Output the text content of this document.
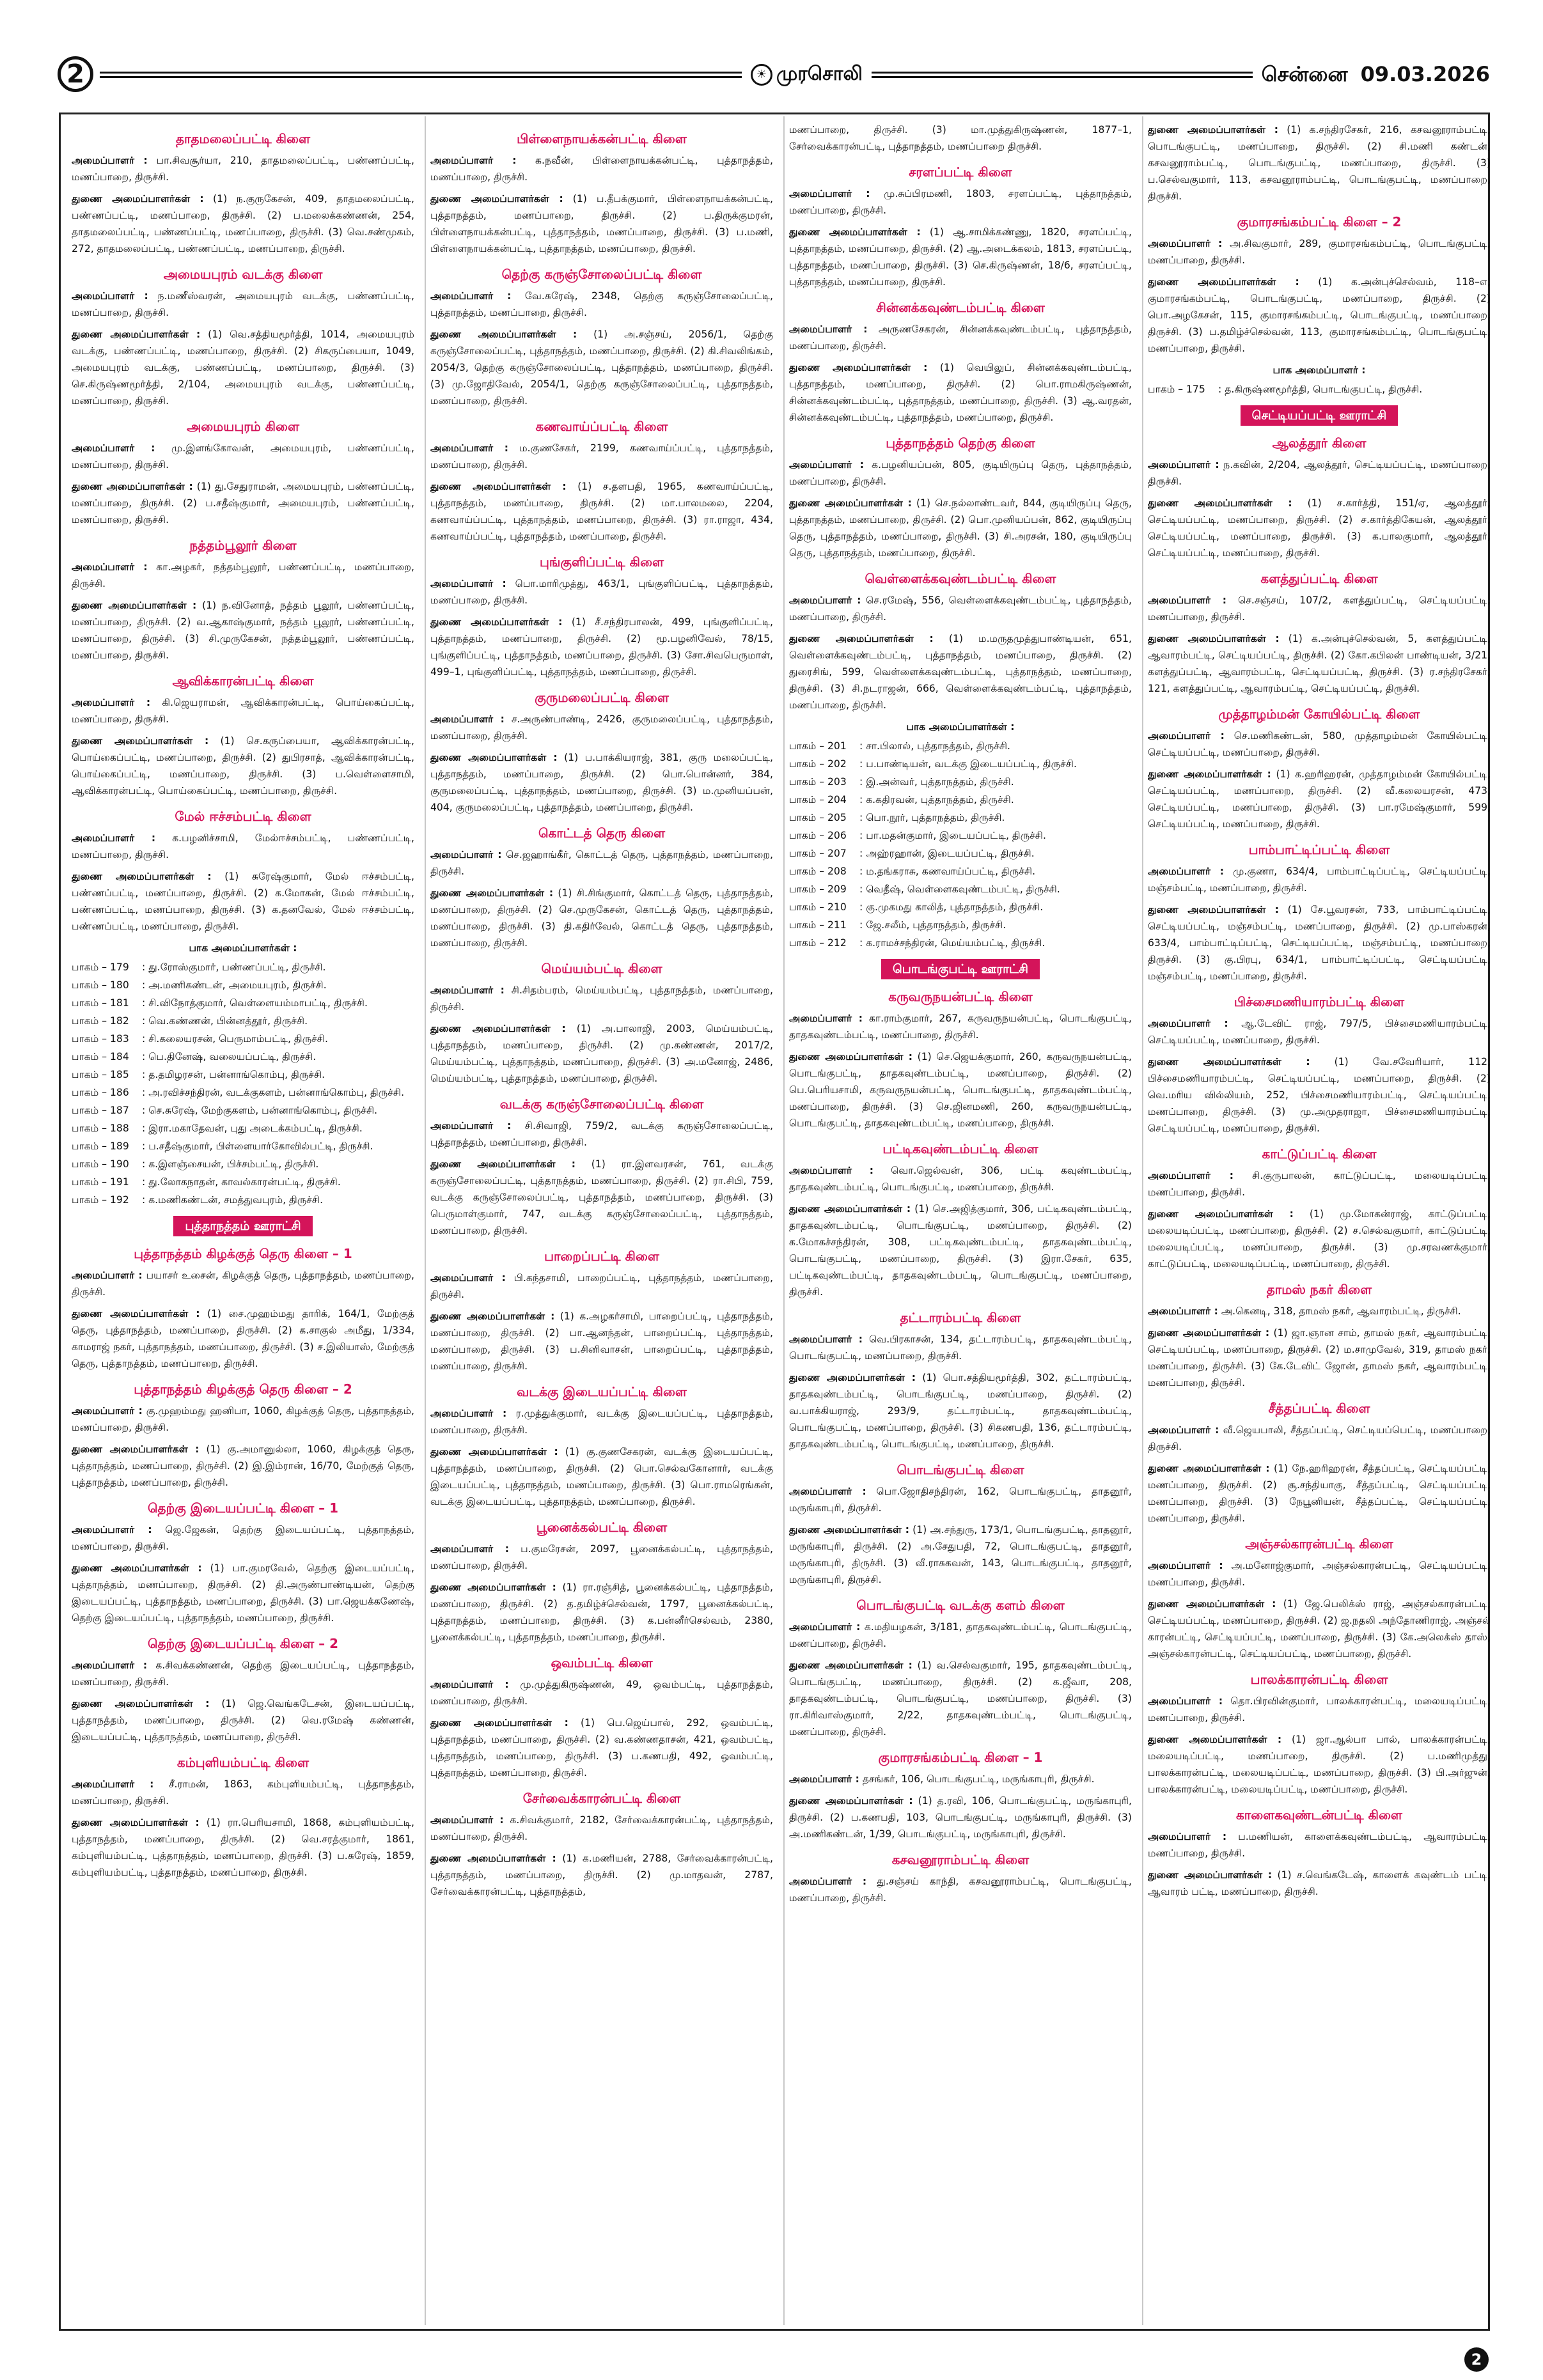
2	☀ முரசொலி	சென்னை 09.03.2026
தாதமலைப்பட்டி கிளை

அமைப்பாளர் : பா.சிவசூர்யா, 210, தாதமலைப்பட்டி, பண்ணப்பட்டி, மணப்பாறை, திருச்சி.

துணை அமைப்பாளர்கள் : (1) ந.குருகேசன், 409, தாதமலைப்பட்டி, பண்ணப்பட்டி, மணப்பாறை, திருச்சி. (2) ப.மலைக்கண்ணன், 254, தாதமலைப்பட்டி, பண்ணப்பட்டி, மணப்பாறை, திருச்சி. (3) வெ.சண்முகம், 272, தாதமலைப்பட்டி, பண்ணப்பட்டி, மணப்பாறை, திருச்சி.

அமையபுரம் வடக்கு கிளை

அமைப்பாளர் : ந.மணீஸ்வரன், அமையபுரம் வடக்கு, பண்ணப்பட்டி, மணப்பாறை, திருச்சி.

துணை அமைப்பாளர்கள் : (1) வெ.சத்தியமூர்த்தி, 1014, அமையபுரம் வடக்கு, பண்ணப்பட்டி, மணப்பாறை, திருச்சி. (2) சிகருப்பையா, 1049, அமையபுரம் வடக்கு, பண்ணப்பட்டி, மணப்பாறை, திருச்சி. (3) செ.கிருஷ்ணமூர்த்தி, 2/104, அமையபுரம் வடக்கு, பண்ணப்பட்டி, மணப்பாறை, திருச்சி.

அமையபுரம் கிளை

அமைப்பாளர் : மு.இளங்கோவன், அமையபுரம், பண்ணப்பட்டி, மணப்பாறை, திருச்சி.

துணை அமைப்பாளர்கள் : (1) து.சேதுராமன், அமையபுரம், பண்ணப்பட்டி, மணப்பாறை, திருச்சி. (2) ப.சதீஷ்குமார், அமையபுரம், பண்ணப்பட்டி, மணப்பாறை, திருச்சி.

நத்தம்பூலூர் கிளை

அமைப்பாளர் : கா.அழகர், நத்தம்பூலூர், பண்ணப்பட்டி, மணப்பாறை, திருச்சி.

துணை அமைப்பாளர்கள் : (1) ந.வினோத், நத்தம் பூலூர், பண்ணப்பட்டி, மணப்பாறை, திருச்சி. (2) வ.ஆகாஷ்குமார், நத்தம் பூலூர், பண்ணப்பட்டி, மணப்பாறை, திருச்சி. (3) சி.முருகேசன், நத்தம்பூலூர், பண்ணப்பட்டி, மணப்பாறை, திருச்சி.

ஆவிக்காரன்பட்டி கிளை

அமைப்பாளர் : கி.ஜெயராமன், ஆவிக்காரன்பட்டி, பொய்கைப்பட்டி, மணப்பாறை, திருச்சி.

துணை அமைப்பாளர்கள் : (1) செ.கருப்பையா, ஆவிக்காரன்பட்டி, பொய்கைப்பட்டி, மணப்பாறை, திருச்சி. (2) துபிரசாத், ஆவிக்காரன்பட்டி, பொய்கைப்பட்டி, மணப்பாறை, திருச்சி. (3) ப.வெள்ளைசாமி, ஆவிக்காரன்பட்டி, பொய்கைப்பட்டி, மணப்பாறை, திருச்சி.

மேல் ஈச்சம்பட்டி கிளை

அமைப்பாளர் : க.பழனிச்சாமி, மேல்ஈச்சம்பட்டி, பண்ணப்பட்டி, மணப்பாறை, திருச்சி.

துணை அமைப்பாளர்கள் : (1) சுரேஷ்குமார், மேல் ஈச்சம்பட்டி, பண்ணப்பட்டி, மணப்பாறை, திருச்சி. (2) க.மோகன், மேல் ஈச்சம்பட்டி, பண்ணப்பட்டி, மணப்பாறை, திருச்சி. (3) க.தனவேல், மேல் ஈச்சம்பட்டி, பண்ணப்பட்டி, மணப்பாறை, திருச்சி.

பாக அமைப்பாளர்கள் :
பாகம் – 179	: து.ரோஸ்குமார், பண்ணப்பட்டி, திருச்சி.
பாகம் – 180	: அ.மணிகண்டன், அமையபுரம், திருச்சி.
பாகம் – 181	: சி.விநோத்குமார், வெள்ளையம்மாபட்டி, திருச்சி.
பாகம் – 182	: வெ.கண்ணன், பின்னத்தூர், திருச்சி.
பாகம் – 183	: சி.கலையரசன், பெருமாம்பட்டி, திருச்சி.
பாகம் – 184	: பெ.தினேஷ், வலையப்பட்டி, திருச்சி.
பாகம் – 185	: த.தமிழரசன், பன்னாங்கொம்பு, திருச்சி.
பாகம் – 186	: அ.ரவிச்சந்திரன், வடக்குகளம், பன்னாங்கொம்பு, திருச்சி.
பாகம் – 187	: செ.சுரேஷ், மேற்குகளம், பன்னாங்கொம்பு, திருச்சி.
பாகம் – 188	: இரா.மகாதேவன், புது அடைக்கம்பட்டி, திருச்சி.
பாகம் – 189	: ப.சதீஷ்குமார், பிள்ளையார்கோவில்பட்டி, திருச்சி.
பாகம் – 190	: க.இளஞ்சையன், பிச்சம்பட்டி, திருச்சி.
பாகம் – 191	: து.லோகநாதன், காவல்காரன்பட்டி, திருச்சி.
பாகம் – 192	: க.மணிகண்டன், சமத்துவபுரம், திருச்சி.
புத்தாநத்தம் ஊராட்சி
புத்தாநத்தம் கிழக்குத் தெரு கிளை – 1

அமைப்பாளர் : பயாசர் உசைன், கிழக்குத் தெரு, புத்தாநத்தம், மணப்பாறை, திருச்சி.

துணை அமைப்பாளர்கள் : (1) சை.முஹம்மது தாரிக், 164/1, மேற்குத் தெரு, புத்தாநத்தம், மணப்பாறை, திருச்சி. (2) க.சாகுல் அமீது, 1/334, காமராஜ் நகர், புத்தாநத்தம், மணப்பாறை, திருச்சி. (3) ச.இலியாஸ், மேற்குத் தெரு, புத்தாநத்தம், மணப்பாறை, திருச்சி.

புத்தாநத்தம் கிழக்குத் தெரு கிளை – 2

அமைப்பாளர் : கு.முஹம்மது ஹனிபா, 1060, கிழக்குத் தெரு, புத்தாநத்தம், மணப்பாறை, திருச்சி.

துணை அமைப்பாளர்கள் : (1) கு.அமானுல்லா, 1060, கிழக்குத் தெரு, புத்தாநத்தம், மணப்பாறை, திருச்சி. (2) இ.இம்ரான், 16/70, மேற்குத் தெரு, புத்தாநத்தம், மணப்பாறை, திருச்சி.

தெற்கு இடையப்பட்டி கிளை – 1

அமைப்பாளர் : ஜெ.ஜேகன், தெற்கு இடையப்பட்டி, புத்தாநத்தம், மணப்பாறை, திருச்சி.

துணை அமைப்பாளர்கள் : (1) பா.குமரவேல், தெற்கு இடையப்பட்டி, புத்தாநத்தம், மணப்பாறை, திருச்சி. (2) தி.அருண்பாண்டியன், தெற்கு இடையப்பட்டி, புத்தாநத்தம், மணப்பாறை, திருச்சி. (3) பா.ஜெயக்கணேஷ், தெற்கு இடையப்பட்டி, புத்தாநத்தம், மணப்பாறை, திருச்சி.

தெற்கு இடையப்பட்டி கிளை – 2

அமைப்பாளர் : க.சிவக்கண்ணன், தெற்கு இடையப்பட்டி, புத்தாநத்தம், மணப்பாறை, திருச்சி.

துணை அமைப்பாளர்கள் : (1) ஜெ.வெங்கடேசன், இடையப்பட்டி, புத்தாநத்தம், மணப்பாறை, திருச்சி. (2) வெ.ரமேஷ் கண்ணன், இடையப்பட்டி, புத்தாநத்தம், மணப்பாறை, திருச்சி.

கம்புளியம்பட்டி கிளை

அமைப்பாளர் : சீ.ராமன், 1863, கம்புளியம்பட்டி, புத்தாநத்தம், மணப்பாறை, திருச்சி.

துணை அமைப்பாளர்கள் : (1) ரா.பெரியசாமி, 1868, கம்புளியம்பட்டி, புத்தாநத்தம், மணப்பாறை, திருச்சி. (2) வெ.சரத்குமார், 1861, கம்புளியம்பட்டி, புத்தாநத்தம், மணப்பாறை, திருச்சி. (3) ப.சுரேஷ், 1859, கம்புளியம்பட்டி, புத்தாநத்தம், மணப்பாறை, திருச்சி.

பிள்ளைநாயக்கன்பட்டி கிளை

அமைப்பாளர் : க.நவீன், பிள்ளைநாயக்கன்பட்டி, புத்தாநத்தம், மணப்பாறை, திருச்சி.

துணை அமைப்பாளர்கள் : (1) ப.தீபக்குமார், பிள்ளைநாயக்கன்பட்டி, புத்தாநத்தம், மணப்பாறை, திருச்சி. (2) ப.திருக்குமரன், பிள்ளைநாயக்கன்பட்டி, புத்தாநத்தம், மணப்பாறை, திருச்சி. (3) ப.மணி, பிள்ளைநாயக்கன்பட்டி, புத்தாநத்தம், மணப்பாறை, திருச்சி.

தெற்கு கருஞ்சோலைப்பட்டி கிளை

அமைப்பாளர் : வே.சுரேஷ், 2348, தெற்கு கருஞ்சோலைப்பட்டி, புத்தாநத்தம், மணப்பாறை, திருச்சி.

துணை அமைப்பாளர்கள் : (1) அ.சஞ்சய், 2056/1, தெற்கு கருஞ்சோலைப்பட்டி, புத்தாநத்தம், மணப்பாறை, திருச்சி. (2) கி.சிவலிங்கம், 2054/3, தெற்கு கருஞ்சோலைப்பட்டி, புத்தாநத்தம், மணப்பாறை, திருச்சி. (3) மு.ஜோதிவேல், 2054/1, தெற்கு கருஞ்சோலைப்பட்டி, புத்தாநத்தம், மணப்பாறை, திருச்சி.

கணவாய்ப்பட்டி கிளை

அமைப்பாளர் : ம.குணசேகர், 2199, கணவாய்ப்பட்டி, புத்தாநத்தம், மணப்பாறை, திருச்சி.

துணை அமைப்பாளர்கள் : (1) ச.தளபதி, 1965, கணவாய்ப்பட்டி, புத்தாநத்தம், மணப்பாறை, திருச்சி. (2) மா.பாலமலை, 2204, கணவாய்ப்பட்டி, புத்தாநத்தம், மணப்பாறை, திருச்சி. (3) ரா.ராஜா, 434, கணவாய்ப்பட்டி, புத்தாநத்தம், மணப்பாறை, திருச்சி.

புங்குளிப்பட்டி கிளை

அமைப்பாளர் : பொ.மாரிமுத்து, 463/1, புங்குளிப்பட்டி, புத்தாநத்தம், மணப்பாறை, திருச்சி.

துணை அமைப்பாளர்கள் : (1) சீ.சந்திரபாலன், 499, புங்குளிப்பட்டி, புத்தாநத்தம், மணப்பாறை, திருச்சி. (2) மூ.பழனிவேல், 78/15, புங்குளிப்பட்டி, புத்தாநத்தம், மணப்பாறை, திருச்சி. (3) சோ.சிவபெருமாள், 499–1, புங்குளிப்பட்டி, புத்தாநத்தம், மணப்பாறை, திருச்சி.

குருமலைப்பட்டி கிளை

அமைப்பாளர் : ச.அருண்பாண்டி, 2426, குருமலைப்பட்டி, புத்தாநத்தம், மணப்பாறை, திருச்சி.

துணை அமைப்பாளர்கள் : (1) ப.பாக்கியராஜ், 381, குரு மலைப்பட்டி, புத்தாநத்தம், மணப்பாறை, திருச்சி. (2) பொ.பொன்னர், 384, குருமலைப்பட்டி, புத்தாநத்தம், மணப்பாறை, திருச்சி. (3) ம.முனியப்பன், 404, குருமலைப்பட்டி, புத்தாநத்தம், மணப்பாறை, திருச்சி.

கொட்டத் தெரு கிளை

அமைப்பாளர் : செ.ஜஹாங்கீர், கொட்டத் தெரு, புத்தாநத்தம், மணப்பாறை, திருச்சி.

துணை அமைப்பாளர்கள் : (1) சி.சிங்குமார், கொட்டத் தெரு, புத்தாநத்தம், மணப்பாறை, திருச்சி. (2) செ.முருகேசன், கொட்டத் தெரு, புத்தாநத்தம், மணப்பாறை, திருச்சி. (3) தி.கதிர்வேல், கொட்டத் தெரு, புத்தாநத்தம், மணப்பாறை, திருச்சி.

மெய்யம்பட்டி கிளை

அமைப்பாளர் : சி.சிதம்பரம், மெய்யம்பட்டி, புத்தாநத்தம், மணப்பாறை, திருச்சி.

துணை அமைப்பாளர்கள் : (1) அ.பாலாஜி, 2003, மெய்யம்பட்டி, புத்தாநத்தம், மணப்பாறை, திருச்சி. (2) மு.கண்ணன், 2017/2, மெய்யம்பட்டி, புத்தாநத்தம், மணப்பாறை, திருச்சி. (3) அ.மனோஜ், 2486, மெய்யம்பட்டி, புத்தாநத்தம், மணப்பாறை, திருச்சி.

வடக்கு கருஞ்சோலைப்பட்டி கிளை

அமைப்பாளர் : சி.சிவாஜி, 759/2, வடக்கு கருஞ்சோலைப்பட்டி, புத்தாநத்தம், மணப்பாறை, திருச்சி.

துணை அமைப்பாளர்கள் : (1) ரா.இளவரசன், 761, வடக்கு கருஞ்சோலைப்பட்டி, புத்தாநத்தம், மணப்பாறை, திருச்சி. (2) ரா.சிபி, 759, வடக்கு கருஞ்சோலைப்பட்டி, புத்தாநத்தம், மணப்பாறை, திருச்சி. (3) பெருமாள்குமார், 747, வடக்கு கருஞ்சோலைப்பட்டி, புத்தாநத்தம், மணப்பாறை, திருச்சி.

பாறைப்பட்டி கிளை

அமைப்பாளர் : பி.கந்தசாமி, பாறைப்பட்டி, புத்தாநத்தம், மணப்பாறை, திருச்சி.

துணை அமைப்பாளர்கள் : (1) க.அழகர்சாமி, பாறைப்பட்டி, புத்தாநத்தம், மணப்பாறை, திருச்சி. (2) பா.ஆனந்தன், பாறைப்பட்டி, புத்தாநத்தம், மணப்பாறை, திருச்சி. (3) ப.சினிவாசன், பாறைப்பட்டி, புத்தாநத்தம், மணப்பாறை, திருச்சி.

வடக்கு இடையப்பட்டி கிளை

அமைப்பாளர் : ர.முத்துக்குமார், வடக்கு இடையப்பட்டி, புத்தாநத்தம், மணப்பாறை, திருச்சி.

துணை அமைப்பாளர்கள் : (1) கு.குணசேகரன், வடக்கு இடையப்பட்டி, புத்தாநத்தம், மணப்பாறை, திருச்சி. (2) பொ.செல்வகோனார், வடக்கு இடையப்பட்டி, புத்தாநத்தம், மணப்பாறை, திருச்சி. (3) பொ.ராமரெங்கன், வடக்கு இடையப்பட்டி, புத்தாநத்தம், மணப்பாறை, திருச்சி.

பூனைக்கல்பட்டி கிளை

அமைப்பாளர் : ப.குமரேசன், 2097, பூனைக்கல்பட்டி, புத்தாநத்தம், மணப்பாறை, திருச்சி.

துணை அமைப்பாளர்கள் : (1) ரா.ரஞ்சித், பூனைக்கல்பட்டி, புத்தாநத்தம், மணப்பாறை, திருச்சி. (2) த.தமிழ்ச்செல்வன், 1797, பூனைக்கல்பட்டி, புத்தாநத்தம், மணப்பாறை, திருச்சி. (3) க.பன்னீர்செல்வம், 2380, பூனைக்கல்பட்டி, புத்தாநத்தம், மணப்பாறை, திருச்சி.

ஒவம்பட்டி கிளை

அமைப்பாளர் : மு.முத்துகிருஷ்ணன், 49, ஒவம்பட்டி, புத்தாநத்தம், மணப்பாறை, திருச்சி.

துணை அமைப்பாளர்கள் : (1) பெ.ஜெய்பால், 292, ஒவம்பட்டி, புத்தாநத்தம், மணப்பாறை, திருச்சி. (2) வ.கண்ணதாசன், 421, ஒவம்பட்டி, புத்தாநத்தம், மணப்பாறை, திருச்சி. (3) ப.கணபதி, 492, ஒவம்பட்டி, புத்தாநத்தம், மணப்பாறை, திருச்சி.

சேர்வைக்காரன்பட்டி கிளை

அமைப்பாளர் : க.சிவக்குமார், 2182, சேர்வைக்காரன்பட்டி, புத்தாநத்தம், மணப்பாறை, திருச்சி.

துணை அமைப்பாளர்கள் : (1) க.மணியன், 2788, சேர்வைக்காரன்பட்டி, புத்தாநத்தம், மணப்பாறை, திருச்சி. (2) மு.மாதவன், 2787, சேர்வைக்காரன்பட்டி, புத்தாநத்தம்,

மணப்பாறை, திருச்சி. (3) மா.முத்துகிருஷ்ணன், 1877–1, சேர்வைக்காரன்பட்டி, புத்தாநத்தம், மணப்பாறை திருச்சி.

சரளப்பட்டி கிளை

அமைப்பாளர் : மு.சுப்பிரமணி, 1803, சரளப்பட்டி, புத்தாநத்தம், மணப்பாறை, திருச்சி.

துணை அமைப்பாளர்கள் : (1) ஆ.சாமிக்கண்ணு, 1820, சரளப்பட்டி, புத்தாநத்தம், மணப்பாறை, திருச்சி. (2) ஆ.அடைக்கலம், 1813, சரளப்பட்டி, புத்தாநத்தம், மணப்பாறை, திருச்சி. (3) செ.கிருஷ்ணன், 18/6, சரளப்பட்டி, புத்தாநத்தம், மணப்பாறை, திருச்சி.

சின்னக்கவுண்டம்பட்டி கிளை

அமைப்பாளர் : அருணசேகரன், சின்னக்கவுண்டம்பட்டி, புத்தாநத்தம், மணப்பாறை, திருச்சி.

துணை அமைப்பாளர்கள் : (1) வெயிலுப், சின்னக்கவுண்டம்பட்டி, புத்தாநத்தம், மணப்பாறை, திருச்சி. (2) பொ.ராமகிருஷ்ணன், சின்னக்கவுண்டம்பட்டி, புத்தாநத்தம், மணப்பாறை, திருச்சி. (3) ஆ.வரதன், சின்னக்கவுண்டம்பட்டி, புத்தாநத்தம், மணப்பாறை, திருச்சி.

புத்தாநத்தம் தெற்கு கிளை

அமைப்பாளர் : க.பழனியப்பன், 805, குடியிருப்பு தெரு, புத்தாநத்தம், மணப்பாறை, திருச்சி.

துணை அமைப்பாளர்கள் : (1) செ.நல்லாண்டவர், 844, குடியிருப்பு தெரு, புத்தாநத்தம், மணப்பாறை, திருச்சி. (2) பொ.முனியப்பன், 862, குடியிருப்பு தெரு, புத்தாநத்தம், மணப்பாறை, திருச்சி. (3) சி.அரசன், 180, குடியிருப்பு தெரு, புத்தாநத்தம், மணப்பாறை, திருச்சி.

வெள்ளைக்கவுண்டம்பட்டி கிளை

அமைப்பாளர் : செ.ரமேஷ், 556, வெள்ளைக்கவுண்டம்பட்டி, புத்தாநத்தம், மணப்பாறை, திருச்சி.

துணை அமைப்பாளர்கள் : (1) ம.மருதமுத்துபாண்டியன், 651, வெள்ளைக்கவுண்டம்பட்டி, புத்தாநத்தம், மணப்பாறை, திருச்சி. (2) துரைசிங், 599, வெள்ளைக்கவுண்டம்பட்டி, புத்தாநத்தம், மணப்பாறை, திருச்சி. (3) சி.நடராஜன், 666, வெள்ளைக்கவுண்டம்பட்டி, புத்தாநத்தம், மணப்பாறை, திருச்சி.

பாக அமைப்பாளர்கள் :
பாகம் – 201	: சா.பிலால், புத்தாநத்தம், திருச்சி.
பாகம் – 202	: ப.பாண்டியன், வடக்கு இடையப்பட்டி, திருச்சி.
பாகம் – 203	: இ.அன்வர், புத்தாநத்தம், திருச்சி.
பாகம் – 204	: க.கதிரவன், புத்தாநத்தம், திருச்சி.
பாகம் – 205	: பொ.நூர், புத்தாநத்தம், திருச்சி.
பாகம் – 206	: பா.மதன்குமார், இடையப்பட்டி, திருச்சி.
பாகம் – 207	: அஹ்ரஹான், இடையப்பட்டி, திருச்சி.
பாகம் – 208	: ம.தங்கராசு, கணவாய்ப்பட்டி, திருச்சி.
பாகம் – 209	: வெதீஷ், வெள்ளைகவுண்டம்பட்டி, திருச்சி.
பாகம் – 210	: கு.முகமது காலித், புத்தாநத்தம், திருச்சி.
பாகம் – 211	: ஜே.சலீம், புத்தாநத்தம், திருச்சி.
பாகம் – 212	: க.ராமச்சந்திரன், மெய்யம்பட்டி, திருச்சி.
பொடங்குபட்டி ஊராட்சி
கருவருநயன்பட்டி கிளை

அமைப்பாளர் : கா.ராம்குமார், 267, கருவருநயன்பட்டி, பொடங்குபட்டி, தாதகவுண்டம்பட்டி, மணப்பாறை, திருச்சி.

துணை அமைப்பாளர்கள் : (1) செ.ஜெயக்குமார், 260, கருவருநயன்பட்டி, பொடங்குபட்டி, தாதகவுண்டம்பட்டி, மணப்பாறை, திருச்சி. (2) பெ.பெரியசாமி, கருவருநயன்பட்டி, பொடங்குபட்டி, தாதகவுண்டம்பட்டி, மணப்பாறை, திருச்சி. (3) செ.ஜினமணி, 260, கருவருநயன்பட்டி, பொடங்குபட்டி, தாதகவுண்டம்பட்டி, மணப்பாறை, திருச்சி.

பட்டிகவுண்டம்பட்டி கிளை

அமைப்பாளர் : வொ.ஜெல்வன், 306, பட்டி கவுண்டம்பட்டி, தாதகவுண்டம்பட்டி, பொடங்குபட்டி, மணப்பாறை, திருச்சி.

துணை அமைப்பாளர்கள் : (1) செ.அஜித்குமார், 306, பட்டிகவுண்டம்பட்டி, தாதகவுண்டம்பட்டி, பொடங்குபட்டி, மணப்பாறை, திருச்சி. (2) க.மோகச்சந்திரன், 308, பட்டிகவுண்டம்பட்டி, தாதகவுண்டம்பட்டி, பொடங்குபட்டி, மணப்பாறை, திருச்சி. (3) இரா.சேகர், 635, பட்டிகவுண்டம்பட்டி, தாதகவுண்டம்பட்டி, பொடங்குபட்டி, மணப்பாறை, திருச்சி.

தட்டாரம்பட்டி கிளை

அமைப்பாளர் : வெ.பிரகாசன், 134, தட்டாரம்பட்டி, தாதகவுண்டம்பட்டி, பொடங்குபட்டி, மணப்பாறை, திருச்சி.

துணை அமைப்பாளர்கள் : (1) பொ.சத்தியமூர்த்தி, 302, தட்டாரம்பட்டி, தாதகவுண்டம்பட்டி, பொடங்குபட்டி, மணப்பாறை, திருச்சி. (2) வ.பாக்கியராஜ், 293/9, தட்டாரம்பட்டி, தாதகவுண்டம்பட்டி, பொடங்குபட்டி, மணப்பாறை, திருச்சி. (3) சிகணபதி, 136, தட்டாரம்பட்டி, தாதகவுண்டம்பட்டி, பொடங்குபட்டி, மணப்பாறை, திருச்சி.

பொடங்குபட்டி கிளை

அமைப்பாளர் : பொ.ஜோதிசந்திரன், 162, பொடங்குபட்டி, தாதனூர், மருங்காபுரி, திருச்சி.

துணை அமைப்பாளர்கள் : (1) அ.சந்துரு, 173/1, பொடங்குபட்டி, தாதனூர், மருங்காபுரி, திருச்சி. (2) அ.சேதுபதி, 72, பொடங்குபட்டி, தாதனூர், மருங்காபுரி, திருச்சி. (3) வீ.ராசுகவன், 143, பொடங்குபட்டி, தாதனூர், மருங்காபுரி, திருச்சி.

பொடங்குபட்டி வடக்கு களம் கிளை

அமைப்பாளர் : க.மதியழகன், 3/181, தாதகவுண்டம்பட்டி, பொடங்குபட்டி, மணப்பாறை, திருச்சி.

துணை அமைப்பாளர்கள் : (1) வ.செல்வகுமார், 195, தாதகவுண்டம்பட்டி, பொடங்குபட்டி, மணப்பாறை, திருச்சி. (2) க.ஜீவா, 208, தாதகவுண்டம்பட்டி, பொடங்குபட்டி, மணப்பாறை, திருச்சி. (3) ரா.கிரிவாஸ்குமார், 2/22, தாதகவுண்டம்பட்டி, பொடங்குபட்டி, மணப்பாறை, திருச்சி.

குமாரசங்கம்பட்டி கிளை – 1

அமைப்பாளர் : தசங்கர், 106, பொடங்குபட்டி, மருங்காபுரி, திருச்சி.

துணை அமைப்பாளர்கள் : (1) த.ரவி, 106, பொடங்குபட்டி, மருங்காபுரி, திருச்சி. (2) ப.கணபதி, 103, பொடங்குபட்டி, மருங்காபுரி, திருச்சி. (3) அ.மணிகண்டன், 1/39, பொடங்குபட்டி, மருங்காபுரி, திருச்சி.

கசவனூராம்பட்டி கிளை

அமைப்பாளர் : து.சஞ்சய் காந்தி, கசவனூராம்பட்டி, பொடங்குபட்டி, மணப்பாறை, திருச்சி.

துணை அமைப்பாளர்கள் : (1) க.சந்திரசேகர், 216, கசவனூராம்பட்டி, பொடங்குபட்டி, மணப்பாறை, திருச்சி. (2) சி.மணி கண்டன், கசவனூராம்பட்டி, பொடங்குபட்டி, மணப்பாறை, திருச்சி. (3) ப.செல்வகுமார், 113, கசவனூராம்பட்டி, பொடங்குபட்டி, மணப்பாறை, திருச்சி.

குமாரசங்கம்பட்டி கிளை – 2

அமைப்பாளர் : அ.சிவகுமார், 289, குமாரசங்கம்பட்டி, பொடங்குபட்டி, மணப்பாறை, திருச்சி.

துணை அமைப்பாளர்கள் : (1) க.அன்புச்செல்வம், 118–எ, குமாரசங்கம்பட்டி, பொடங்குபட்டி, மணப்பாறை, திருச்சி. (2) பொ.அழகேசன், 115, குமாரசங்கம்பட்டி, பொடங்குபட்டி, மணப்பாறை, திருச்சி. (3) ப.தமிழ்ச்செல்வன், 113, குமாரசங்கம்பட்டி, பொடங்குபட்டி, மணப்பாறை, திருச்சி.

பாக அமைப்பாளர் :
பாகம் – 175	: த.கிருஷ்ணமூர்த்தி, பொடங்குபட்டி, திருச்சி.
செட்டியப்பட்டி ஊராட்சி
ஆலத்தூர் கிளை

அமைப்பாளர் : ந.கவின், 2/204, ஆலத்தூர், செட்டியப்பட்டி, மணப்பாறை, திருச்சி.

துணை அமைப்பாளர்கள் : (1) ச.கார்த்தி, 151/ஏ, ஆலத்தூர், செட்டியப்பட்டி, மணப்பாறை, திருச்சி. (2) ச.கார்த்திகேயன், ஆலத்தூர், செட்டியப்பட்டி, மணப்பாறை, திருச்சி. (3) க.பாலகுமார், ஆலத்தூர், செட்டியப்பட்டி, மணப்பாறை, திருச்சி.

களத்துப்பட்டி கிளை

அமைப்பாளர் : செ.சஞ்சய், 107/2, களத்துப்பட்டி, செட்டியப்பட்டி, மணப்பாறை, திருச்சி.

துணை அமைப்பாளர்கள் : (1) க.அன்புச்செல்வன், 5, களத்துப்பட்டி, ஆவாரம்பட்டி, செட்டியப்பட்டி, திருச்சி. (2) கோ.கபிலன் பாண்டியன், 3/21, களத்துப்பட்டி, ஆவாரம்பட்டி, செட்டியப்பட்டி, திருச்சி. (3) ர.சந்திரசேகர், 121, களத்துப்பட்டி, ஆவாரம்பட்டி, செட்டியப்பட்டி, திருச்சி.

முத்தாழம்மன் கோயில்பட்டி கிளை

அமைப்பாளர் : செ.மணிகண்டன், 580, முத்தாழம்மன் கோயில்பட்டி, செட்டியப்பட்டி, மணப்பாறை, திருச்சி.

துணை அமைப்பாளர்கள் : (1) க.ஹரிஹரன், முத்தாழம்மன் கோயில்பட்டி, செட்டியப்பட்டி, மணப்பாறை, திருச்சி. (2) வீ.கலையரசன், 473, செட்டியப்பட்டி, மணப்பாறை, திருச்சி. (3) பா.ரமேஷ்குமார், 599, செட்டியப்பட்டி, மணப்பாறை, திருச்சி.

பாம்பாட்டிப்பட்டி கிளை

அமைப்பாளர் : மு.குணா, 634/4, பாம்பாட்டிப்பட்டி, செட்டியப்பட்டி, மஞ்சம்பட்டி, மணப்பாறை, திருச்சி.

துணை அமைப்பாளர்கள் : (1) சே.பூவரசன், 733, பாம்பாட்டிப்பட்டி, செட்டியப்பட்டி, மஞ்சம்பட்டி, மணப்பாறை, திருச்சி. (2) மு.பாஸ்கரன், 633/4, பாம்பாட்டிப்பட்டி, செட்டியப்பட்டி, மஞ்சம்பட்டி, மணப்பாறை, திருச்சி. (3) கு.பிரபு, 634/1, பாம்பாட்டிப்பட்டி, செட்டியப்பட்டி, மஞ்சம்பட்டி, மணப்பாறை, திருச்சி.

பிச்சைமணியாரம்பட்டி கிளை

அமைப்பாளர் : ஆ.டேவிட் ராஜ், 797/5, பிச்சைமணியாரம்பட்டி, செட்டியப்பட்டி, மணப்பாறை, திருச்சி.

துணை அமைப்பாளர்கள் : (1) வே.சவேரியார், 112, பிச்சைமணியாரம்பட்டி, செட்டியப்பட்டி, மணப்பாறை, திருச்சி. (2) வெ.மரிய வில்லியம், 252, பிச்சைமணியாரம்பட்டி, செட்டியப்பட்டி, மணப்பாறை, திருச்சி. (3) மு.அமுதராஜா, பிச்சைமணியாரம்பட்டி, செட்டியப்பட்டி, மணப்பாறை, திருச்சி.

காட்டுப்பட்டி கிளை

அமைப்பாளர் : சி.குருபாலன், காட்டுப்பட்டி, மலையடிப்பட்டி, மணப்பாறை, திருச்சி.

துணை அமைப்பாளர்கள் : (1) மு.மோகன்ராஜ், காட்டுப்பட்டி, மலையடிப்பட்டி, மணப்பாறை, திருச்சி. (2) ச.செல்வகுமார், காட்டுப்பட்டி, மலையடிப்பட்டி, மணப்பாறை, திருச்சி. (3) மு.சரவணக்குமார், காட்டுப்பட்டி, மலையடிப்பட்டி, மணப்பாறை, திருச்சி.

தாமஸ் நகர் கிளை

அமைப்பாளர் : அ.கெனடி, 318, தாமஸ் நகர், ஆவாரம்பட்டி, திருச்சி.

துணை அமைப்பாளர்கள் : (1) ஜா.ஞான சாம், தாமஸ் நகர், ஆவாரம்பட்டி, செட்டியப்பட்டி, மணப்பாறை, திருச்சி. (2) ம.சாமுவேல், 319, தாமஸ் நகர், மணப்பாறை, திருச்சி. (3) கே.டேவிட் ஜோன், தாமஸ் நகர், ஆவாரம்பட்டி, மணப்பாறை, திருச்சி.

சீத்தப்பட்டி கிளை

அமைப்பாளர் : வீ.ஜெயபாலி, சீத்தப்பட்டி, செட்டியப்பெட்டி, மணப்பாறை, திருச்சி.

துணை அமைப்பாளர்கள் : (1) நே.ஹரிஹரன், சீத்தப்பட்டி, செட்டியப்பட்டி, மணப்பாறை, திருச்சி. (2) சூ.சந்தியாகு, சீத்தப்பட்டி, செட்டியப்பட்டி, மணப்பாறை, திருச்சி. (3) நேபூனியன், சீத்தப்பட்டி, செட்டியப்பட்டி, மணப்பாறை, திருச்சி.

அஞ்சல்காரன்பட்டி கிளை

அமைப்பாளர் : அ.மனோஜ்குமார், அஞ்சல்காரன்பட்டி, செட்டியப்பட்டி, மணப்பாறை, திருச்சி.

துணை அமைப்பாளர்கள் : (1) ஜே.பெலிக்ஸ் ராஜ், அஞ்சல்காரன்பட்டி, செட்டியப்பட்டி, மணப்பாறை, திருச்சி. (2) ஜ.நதலி அந்தோணிராஜ், அஞ்சல் காரன்பட்டி, செட்டியப்பட்டி, மணப்பாறை, திருச்சி. (3) கே.அலெக்ஸ் தாஸ், அஞ்சல்காரன்பட்டி, செட்டியப்பட்டி, மணப்பாறை, திருச்சி.

பாலக்காரன்பட்டி கிளை

அமைப்பாளர் : தொ.பிரவின்குமார், பாலக்காரன்பட்டி, மலையடிப்பட்டி, மணப்பாறை, திருச்சி.

துணை அமைப்பாளர்கள் : (1) ஜா.ஆல்பா பால், பாலக்காரன்பட்டி, மலையடிப்பட்டி, மணப்பாறை, திருச்சி. (2) ப.மணிமுத்து, பாலக்காரன்பட்டி, மலையடிப்பட்டி, மணப்பாறை, திருச்சி. (3) பி.அர்ஜுன், பாலக்காரன்பட்டி, மலையடிப்பட்டி, மணப்பாறை, திருச்சி.

காளைகவுண்டன்பட்டி கிளை

அமைப்பாளர் : ப.மணியன், காளைக்கவுண்டம்பட்டி, ஆவாரம்பட்டி, மணப்பாறை, திருச்சி.

துணை அமைப்பாளர்கள் : (1) ச.வெங்கடேஷ், காளைக் கவுண்டம் பட்டி, ஆவாரம் பட்டி, மணப்பாறை, திருச்சி.

2
